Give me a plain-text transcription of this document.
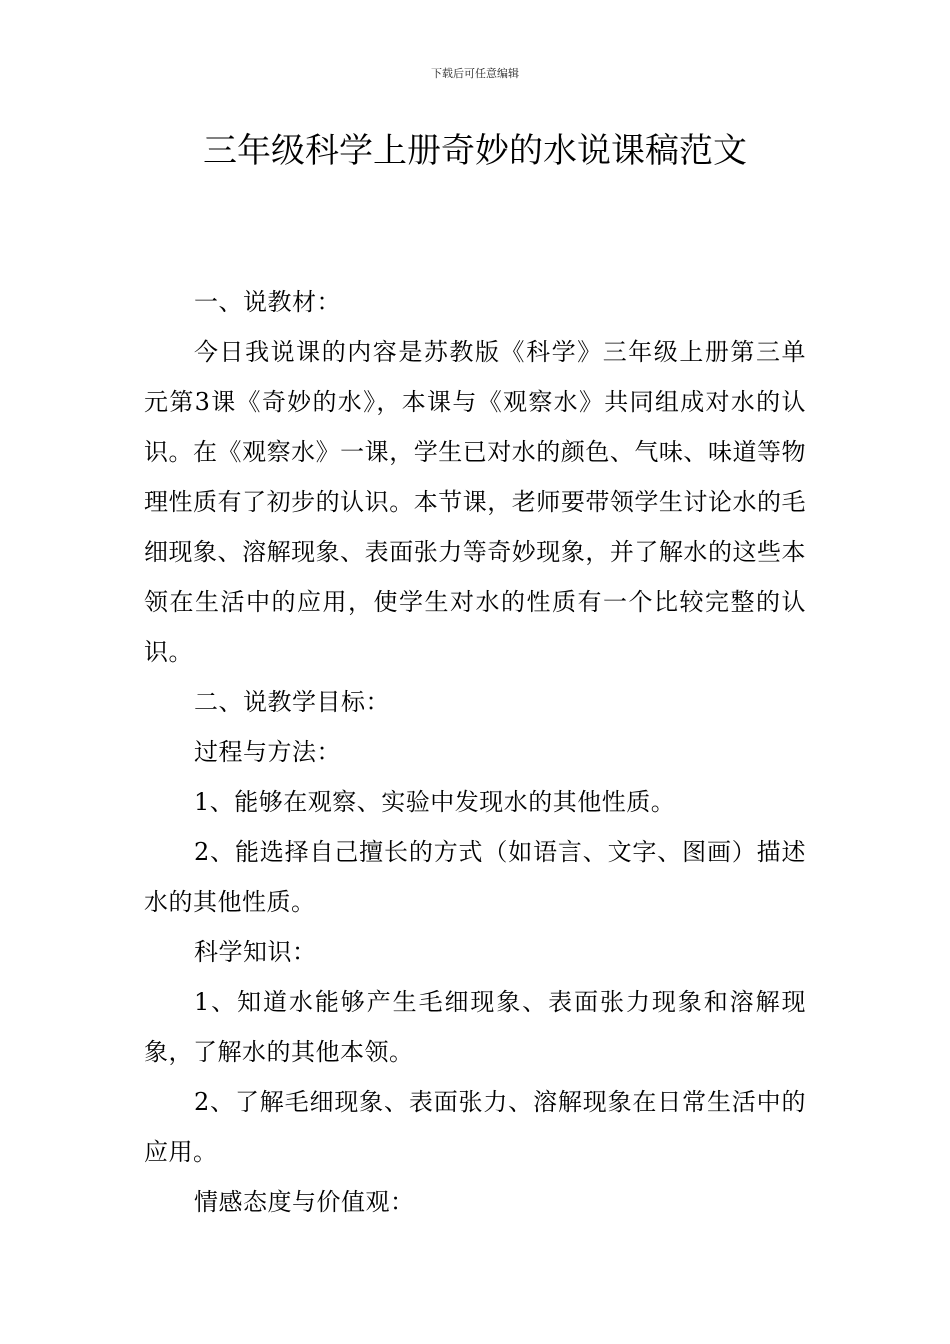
下载后可任意编辑
三年级科学上册奇妙的水说课稿范文

一、说教材：

今日我说课的内容是苏教版《科学》三年级上册第三单元第3课《奇妙的水》，本课与《观察水》共同组成对水的认识。在《观察水》一课，学生已对水的颜色、气味、味道等物理性质有了初步的认识。本节课，老师要带领学生讨论水的毛细现象、溶解现象、表面张力等奇妙现象，并了解水的这些本领在生活中的应用，使学生对水的性质有一个比较完整的认识。

二、说教学目标：

过程与方法：

1、能够在观察、实验中发现水的其他性质。

2、能选择自己擅长的方式（如语言、文字、图画）描述水的其他性质。

科学知识：

1、知道水能够产生毛细现象、表面张力现象和溶解现象，了解水的其他本领。

2、了解毛细现象、表面张力、溶解现象在日常生活中的应用。

情感态度与价值观：
